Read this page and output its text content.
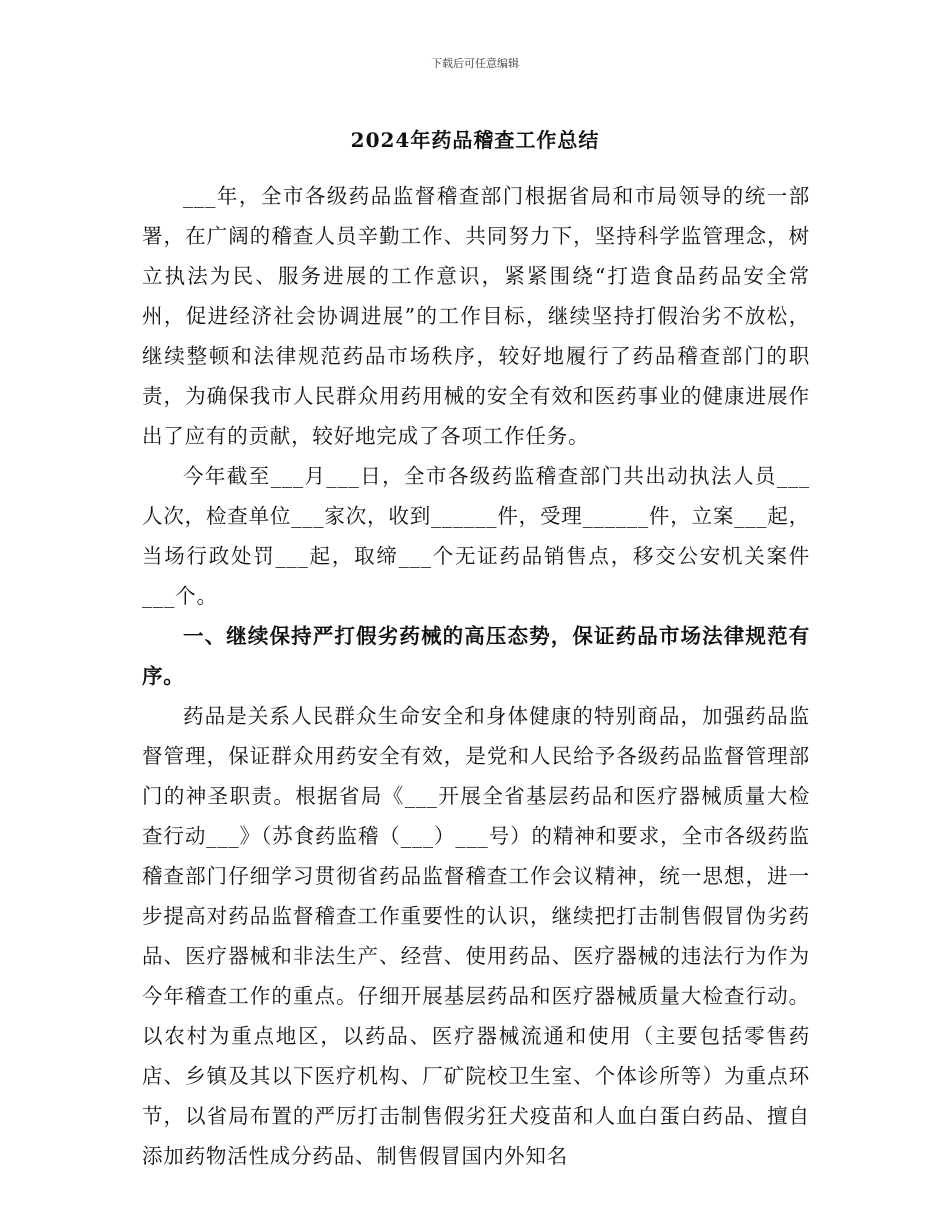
下载后可任意编辑
2024年药品稽查工作总结

___年，全市各级药品监督稽查部门根据省局和市局领导的统一部署，在广阔的稽查人员辛勤工作、共同努力下，坚持科学监管理念，树立执法为民、服务进展的工作意识，紧紧围绕“打造食品药品安全常州，促进经济社会协调进展”的工作目标，继续坚持打假治劣不放松，继续整顿和法律规范药品市场秩序，较好地履行了药品稽查部门的职责，为确保我市人民群众用药用械的安全有效和医药事业的健康进展作出了应有的贡献，较好地完成了各项工作任务。

今年截至___月___日，全市各级药监稽查部门共出动执法人员___人次，检查单位___家次，收到______件，受理______件，立案___起，当场行政处罚___起，取缔___个无证药品销售点，移交公安机关案件___个。

一、继续保持严打假劣药械的高压态势，保证药品市场法律规范有序。

药品是关系人民群众生命安全和身体健康的特别商品，加强药品监督管理，保证群众用药安全有效，是党和人民给予各级药品监督管理部门的神圣职责。根据省局《___开展全省基层药品和医疗器械质量大检查行动___》（苏食药监稽（___）___号）的精神和要求，全市各级药监稽查部门仔细学习贯彻省药品监督稽查工作会议精神，统一思想，进一步提高对药品监督稽查工作重要性的认识，继续把打击制售假冒伪劣药品、医疗器械和非法生产、经营、使用药品、医疗器械的违法行为作为今年稽查工作的重点。仔细开展基层药品和医疗器械质量大检查行动。以农村为重点地区，以药品、医疗器械流通和使用（主要包括零售药店、乡镇及其以下医疗机构、厂矿院校卫生室、个体诊所等）为重点环节，以省局布置的严厉打击制售假劣狂犬疫苗和人血白蛋白药品、擅自添加药物活性成分药品、制售假冒国内外知名
